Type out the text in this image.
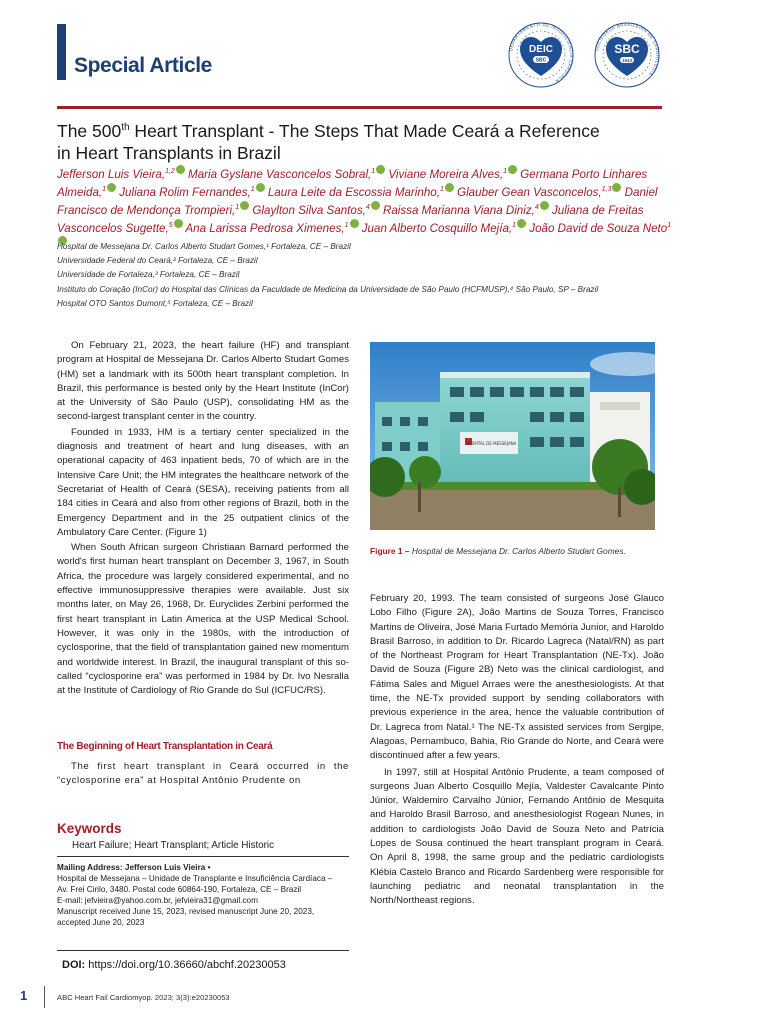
Special Article
DEIC
SBC
DEPARTAMENTO DE INSUFICIÊNCIA CARDÍACA
SBC
1943
SOCIEDADE BRASILEIRA DE CARDIOLOGIA
The 500th Heart Transplant - The Steps That Made Ceará a Reference
in Heart Transplants in Brazil
Jefferson Luis Vieira,$^{1,2}$ Maria Gyslane Vasconcelos Sobral,$^1$ Viviane Moreira Alves,$^1$ Germana Porto Linhares Almeida,$^1$ Juliana Rolim Fernandes,$^1$ Laura Leite da Escossia Marinho,$^1$ Glauber Gean Vasconcelos,$^{1,3}$ Daniel Francisco de Mendonça Trompieri,$^1$ Glaylton Silva Santos,$^4$ Raissa Marianna Viana Diniz,$^4$ Juliana de Freitas Vasconcelos Sugette,$^5$ Ana Larissa Pedrosa Ximenes,$^1$ Juan Alberto Cosquillo Mejía,$^1$ João David de Souza Neto$^1$
Hospital de Messejana Dr. Carlos Alberto Studart Gomes,¹ Fortaleza, CE – Brazil
Universidade Federal do Ceará,² Fortaleza, CE – Brazil
Universidade de Fortaleza,³ Fortaleza, CE – Brazil
Instituto do Coração (InCor) do Hospital das Clínicas da Faculdade de Medicina da Universidade de São Paulo (HCFMUSP),⁴ São Paulo, SP – Brazil
Hospital OTO Santos Dumont,⁵ Fortaleza, CE – Brazil

On February 21, 2023, the heart failure (HF) and transplant program at Hospital de Messejana Dr. Carlos Alberto Studart Gomes (HM) set a landmark with its 500th heart transplant completion. In Brazil, this performance is bested only by the Heart Institute (InCor) at the University of São Paulo (USP), consolidating HM as the second-largest transplant center in the country.

Founded in 1933, HM is a tertiary center specialized in the diagnosis and treatment of heart and lung diseases, with an operational capacity of 463 inpatient beds, 70 of which are in the Intensive Care Unit; the HM integrates the healthcare network of the Secretariat of Health of Ceará (SESA), receiving patients from all 184 cities in Ceará and also from other regions of Brazil, both in the Emergency Department and in the 25 outpatient clinics of the Ambulatory Care Center. (Figure 1)

When South African surgeon Christiaan Barnard performed the world's first human heart transplant on December 3, 1967, in South Africa, the procedure was largely considered experimental, and no effective immunosuppressive therapies were available. Just six months later, on May 26, 1968, Dr. Euryclides Zerbini performed the first heart transplant in Latin America at the USP Medical School. However, it was only in the 1980s, with the introduction of cyclosporine, that the field of transplantation gained new momentum and worldwide interest. In Brazil, the inaugural transplant of this so-called “cyclosporine era” was performed in 1984 by Dr. Ivo Nesralla at the Institute of Cardiology of Rio Grande do Sul (ICFUC/RS).

The Beginning of Heart Transplantation in Ceará

The first heart transplant in Ceará occurred in the “cyclosporine era” at Hospital Antônio Prudente on

HOSPITAL DE MESSEJANA
Figure 1 – Hospital de Messejana Dr. Carlos Alberto Studart Gomes.

February 20, 1993. The team consisted of surgeons José Glauco Lobo Filho (Figure 2A), João Martins de Souza Torres, Francisco Martins de Oliveira, José Maria Furtado Memória Junior, and Haroldo Brasil Barroso, in addition to Dr. Ricardo Lagreca (Natal/RN) as part of the Northeast Program for Heart Transplantation (NE-Tx). João David de Souza (Figure 2B) Neto was the clinical cardiologist, and Fátima Sales and Miguel Arraes were the anesthesiologists. At that time, the NE-Tx provided support by sending collaborators with previous experience in the area, hence the valuable contribution of Dr. Lagreca from Natal.¹ The NE-Tx assisted services from Sergipe, Alagoas, Pernambuco, Bahia, Rio Grande do Norte, and Ceará were discontinued after a few years.

In 1997, still at Hospital Antônio Prudente, a team composed of surgeons Juan Alberto Cosquillo Mejía, Valdester Cavalcante Pinto Júnior, Waldemiro Carvalho Júnior, Fernando Antônio de Mesquita and Haroldo Brasil Barroso, and anesthesiologist Rogean Nunes, in addition to cardiologists João David de Souza Neto and Patrícia Lopes de Sousa continued the heart transplant program in Ceará. On April 8, 1998, the same group and the pediatric cardiologists Klébia Castelo Branco and Ricardo Sardenberg were responsible for launching pediatric and neonatal transplantation in the North/Northeast regions.

Keywords
Heart Failure; Heart Transplant; Article Historic
Mailing Address: Jefferson Luis Vieira •
Hospital de Messejana – Unidade de Transplante e Insuficiência Cardíaca –
Av. Frei Cirilo, 3480. Postal code 60864-190, Fortaleza, CE – Brazil
E-mail: jefvieira@yahoo.com.br, jefvieira31@gmail.com
Manuscript received June 15, 2023, revised manuscript June 20, 2023,
accepted June 20, 2023
DOI: https://doi.org/10.36660/abchf.20230053
1	ABC Heart Fail Cardiomyop. 2023; 3(3):e20230053
